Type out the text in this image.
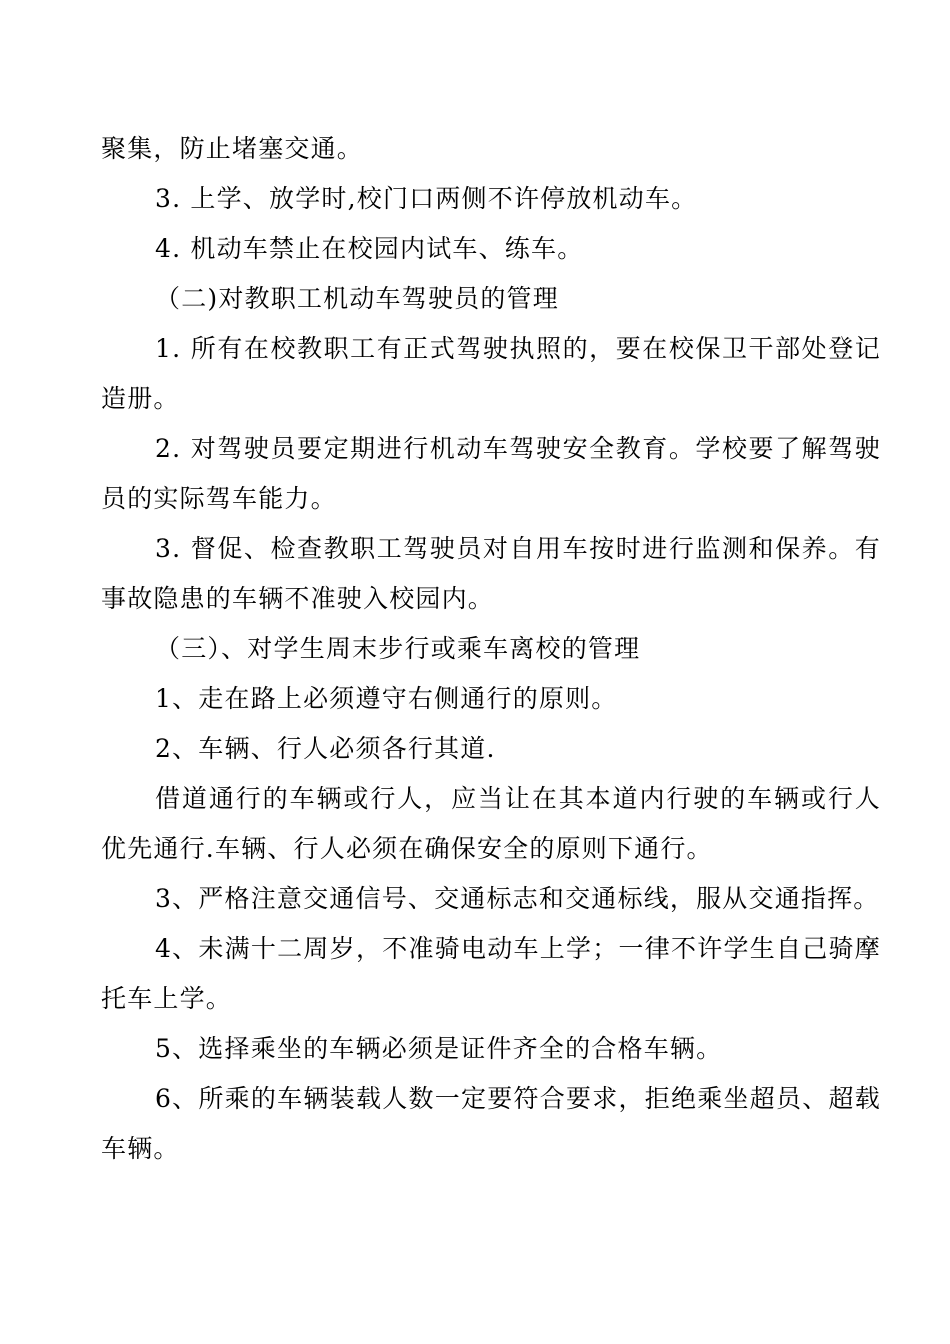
聚集，防止堵塞交通。

3. 上学、放学时,校门口两侧不许停放机动车。

4. 机动车禁止在校园内试车、练车。

（二)对教职工机动车驾驶员的管理

1. 所有在校教职工有正式驾驶执照的，要在校保卫干部处登记造册。

2. 对驾驶员要定期进行机动车驾驶安全教育。学校要了解驾驶员的实际驾车能力。

3. 督促、检查教职工驾驶员对自用车按时进行监测和保养。有事故隐患的车辆不准驶入校园内。

（三）、对学生周末步行或乘车离校的管理

1、走在路上必须遵守右侧通行的原则。

2、车辆、行人必须各行其道.

借道通行的车辆或行人，应当让在其本道内行驶的车辆或行人优先通行.车辆、行人必须在确保安全的原则下通行。

3、严格注意交通信号、交通标志和交通标线，服从交通指挥。

4、未满十二周岁，不准骑电动车上学；一律不许学生自己骑摩托车上学。

5、选择乘坐的车辆必须是证件齐全的合格车辆。

6、所乘的车辆装载人数一定要符合要求，拒绝乘坐超员、超载车辆。
